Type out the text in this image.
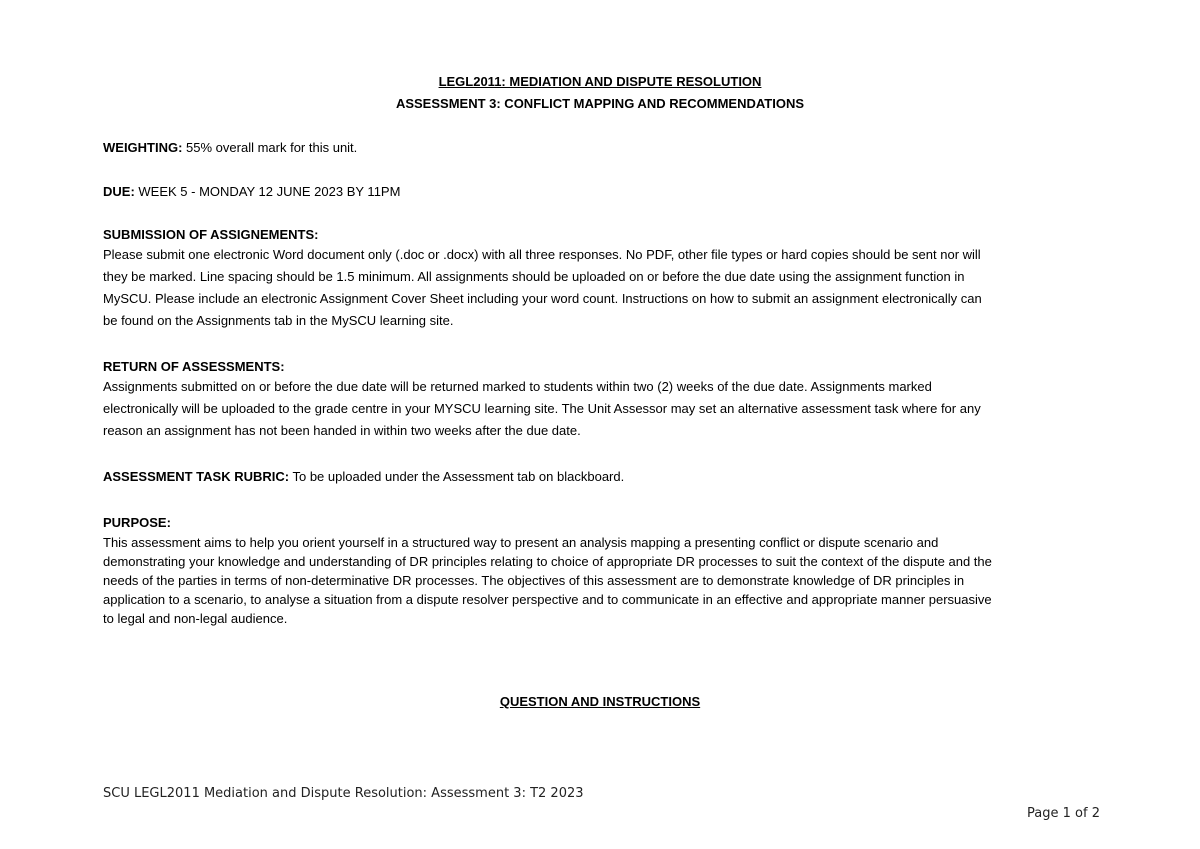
LEGL2011: MEDIATION AND DISPUTE RESOLUTION
ASSESSMENT 3: CONFLICT MAPPING AND RECOMMENDATIONS
WEIGHTING: 55% overall mark for this unit.
DUE: WEEK 5 - MONDAY 12 JUNE 2023 BY 11PM
SUBMISSION OF ASSIGNEMENTS:
Please submit one electronic Word document only (.doc or .docx) with all three responses. No PDF, other file types or hard copies should be sent nor will
they be marked. Line spacing should be 1.5 minimum. All assignments should be uploaded on or before the due date using the assignment function in
MySCU. Please include an electronic Assignment Cover Sheet including your word count. Instructions on how to submit an assignment electronically can
be found on the Assignments tab in the MySCU learning site.
RETURN OF ASSESSMENTS:
Assignments submitted on or before the due date will be returned marked to students within two (2) weeks of the due date. Assignments marked
electronically will be uploaded to the grade centre in your MYSCU learning site. The Unit Assessor may set an alternative assessment task where for any
reason an assignment has not been handed in within two weeks after the due date.
ASSESSMENT TASK RUBRIC: To be uploaded under the Assessment tab on blackboard.
PURPOSE:
This assessment aims to help you orient yourself in a structured way to present an analysis mapping a presenting conflict or dispute scenario and
demonstrating your knowledge and understanding of DR principles relating to choice of appropriate DR processes to suit the context of the dispute and the
needs of the parties in terms of non-determinative DR processes. The objectives of this assessment are to demonstrate knowledge of DR principles in
application to a scenario, to analyse a situation from a dispute resolver perspective and to communicate in an effective and appropriate manner persuasive
to legal and non-legal audience.
QUESTION AND INSTRUCTIONS
SCU LEGL2011 Mediation and Dispute Resolution: Assessment 3: T2 2023
Page 1 of 2
